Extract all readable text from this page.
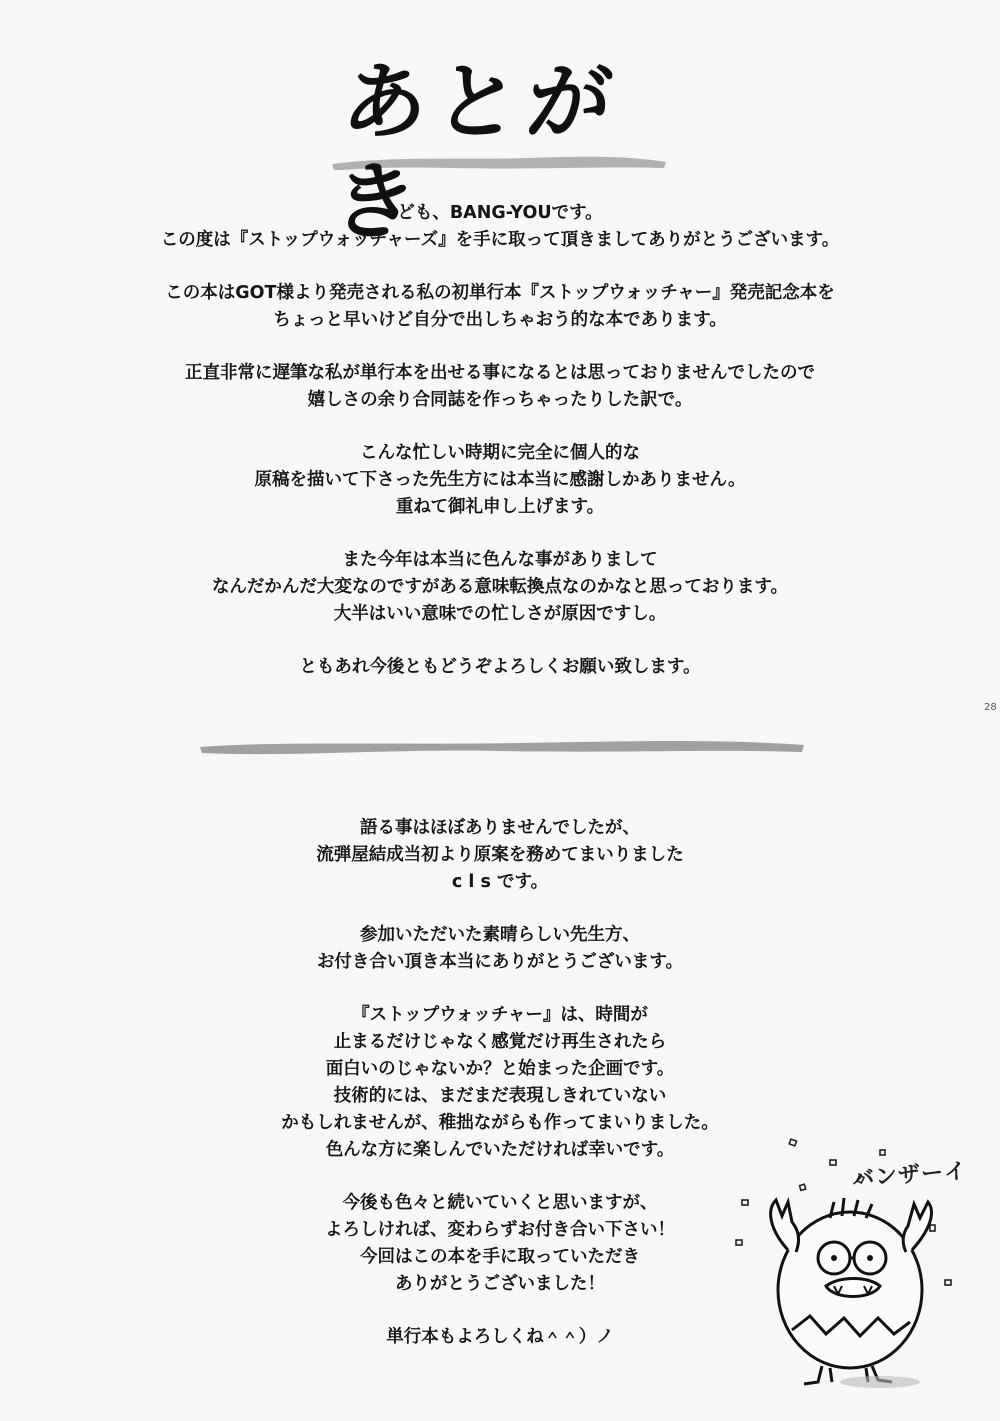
あとがき
ども、BANG-YOUです。
この度は『ストップウォッチャーズ』を手に取って頂きましてありがとうございます。
この本はGOT様より発売される私の初単行本『ストップウォッチャー』発売記念本を
ちょっと早いけど自分で出しちゃおう的な本であります。
正直非常に遅筆な私が単行本を出せる事になるとは思っておりませんでしたので
嬉しさの余り合同誌を作っちゃったりした訳で。
こんな忙しい時期に完全に個人的な
原稿を描いて下さった先生方には本当に感謝しかありません。
重ねて御礼申し上げます。
また今年は本当に色んな事がありまして
なんだかんだ大変なのですがある意味転換点なのかなと思っております。
大半はいい意味での忙しさが原因ですし。
ともあれ今後ともどうぞよろしくお願い致します。
28
語る事はほぼありませんでしたが、
流弾屋結成当初より原案を務めてまいりました
c l s です。
参加いただいた素晴らしい先生方、
お付き合い頂き本当にありがとうございます。
『ストップウォッチャー』は、時間が
止まるだけじゃなく感覚だけ再生されたら
面白いのじゃないか？と始まった企画です。
技術的には、まだまだ表現しきれていない
かもしれませんが、稚拙ながらも作ってまいりました。
色んな方に楽しんでいただければ幸いです。
今後も色々と続いていくと思いますが、
よろしければ、変わらずお付き合い下さい！
今回はこの本を手に取っていただき
ありがとうございました！
単行本もよろしくね＾＾）ノ
バンザーイ
